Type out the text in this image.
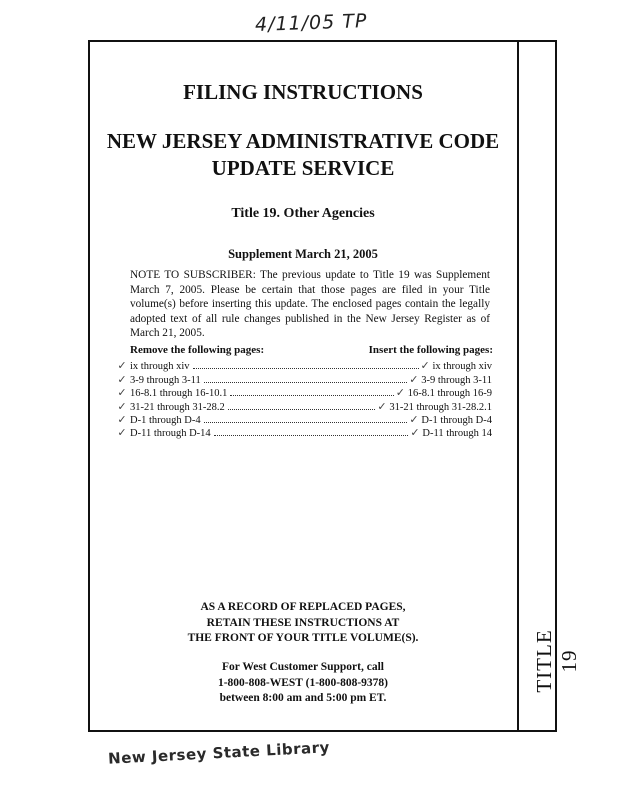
4/11/05 TP
TITLE 19
FILING INSTRUCTIONS
NEW JERSEY ADMINISTRATIVE CODE
UPDATE SERVICE
Title 19. Other Agencies
Supplement March 21, 2005
NOTE TO SUBSCRIBER: The previous update to Title 19 was Supplement March 7, 2005. Please be certain that those pages are filed in your Title volume(s) before inserting this update. The enclosed pages contain the legally adopted text of all rule changes published in the New Jersey Register as of March 21, 2005.
Remove the following pages:	Insert the following pages:
✓ ix through xiv	✓ ix through xiv
✓ 3-9 through 3-11	✓ 3-9 through 3-11
✓ 16-8.1 through 16-10.1	✓ 16-8.1 through 16-9
✓ 31-21 through 31-28.2	✓ 31-21 through 31-28.2.1
✓ D-1 through D-4	✓ D-1 through D-4
✓ D-11 through D-14	✓ D-11 through 14
AS A RECORD OF REPLACED PAGES,
RETAIN THESE INSTRUCTIONS AT
THE FRONT OF YOUR TITLE VOLUME(S).
For West Customer Support, call
1-800-808-WEST (1-800-808-9378)
between 8:00 am and 5:00 pm ET.
New Jersey State Library
